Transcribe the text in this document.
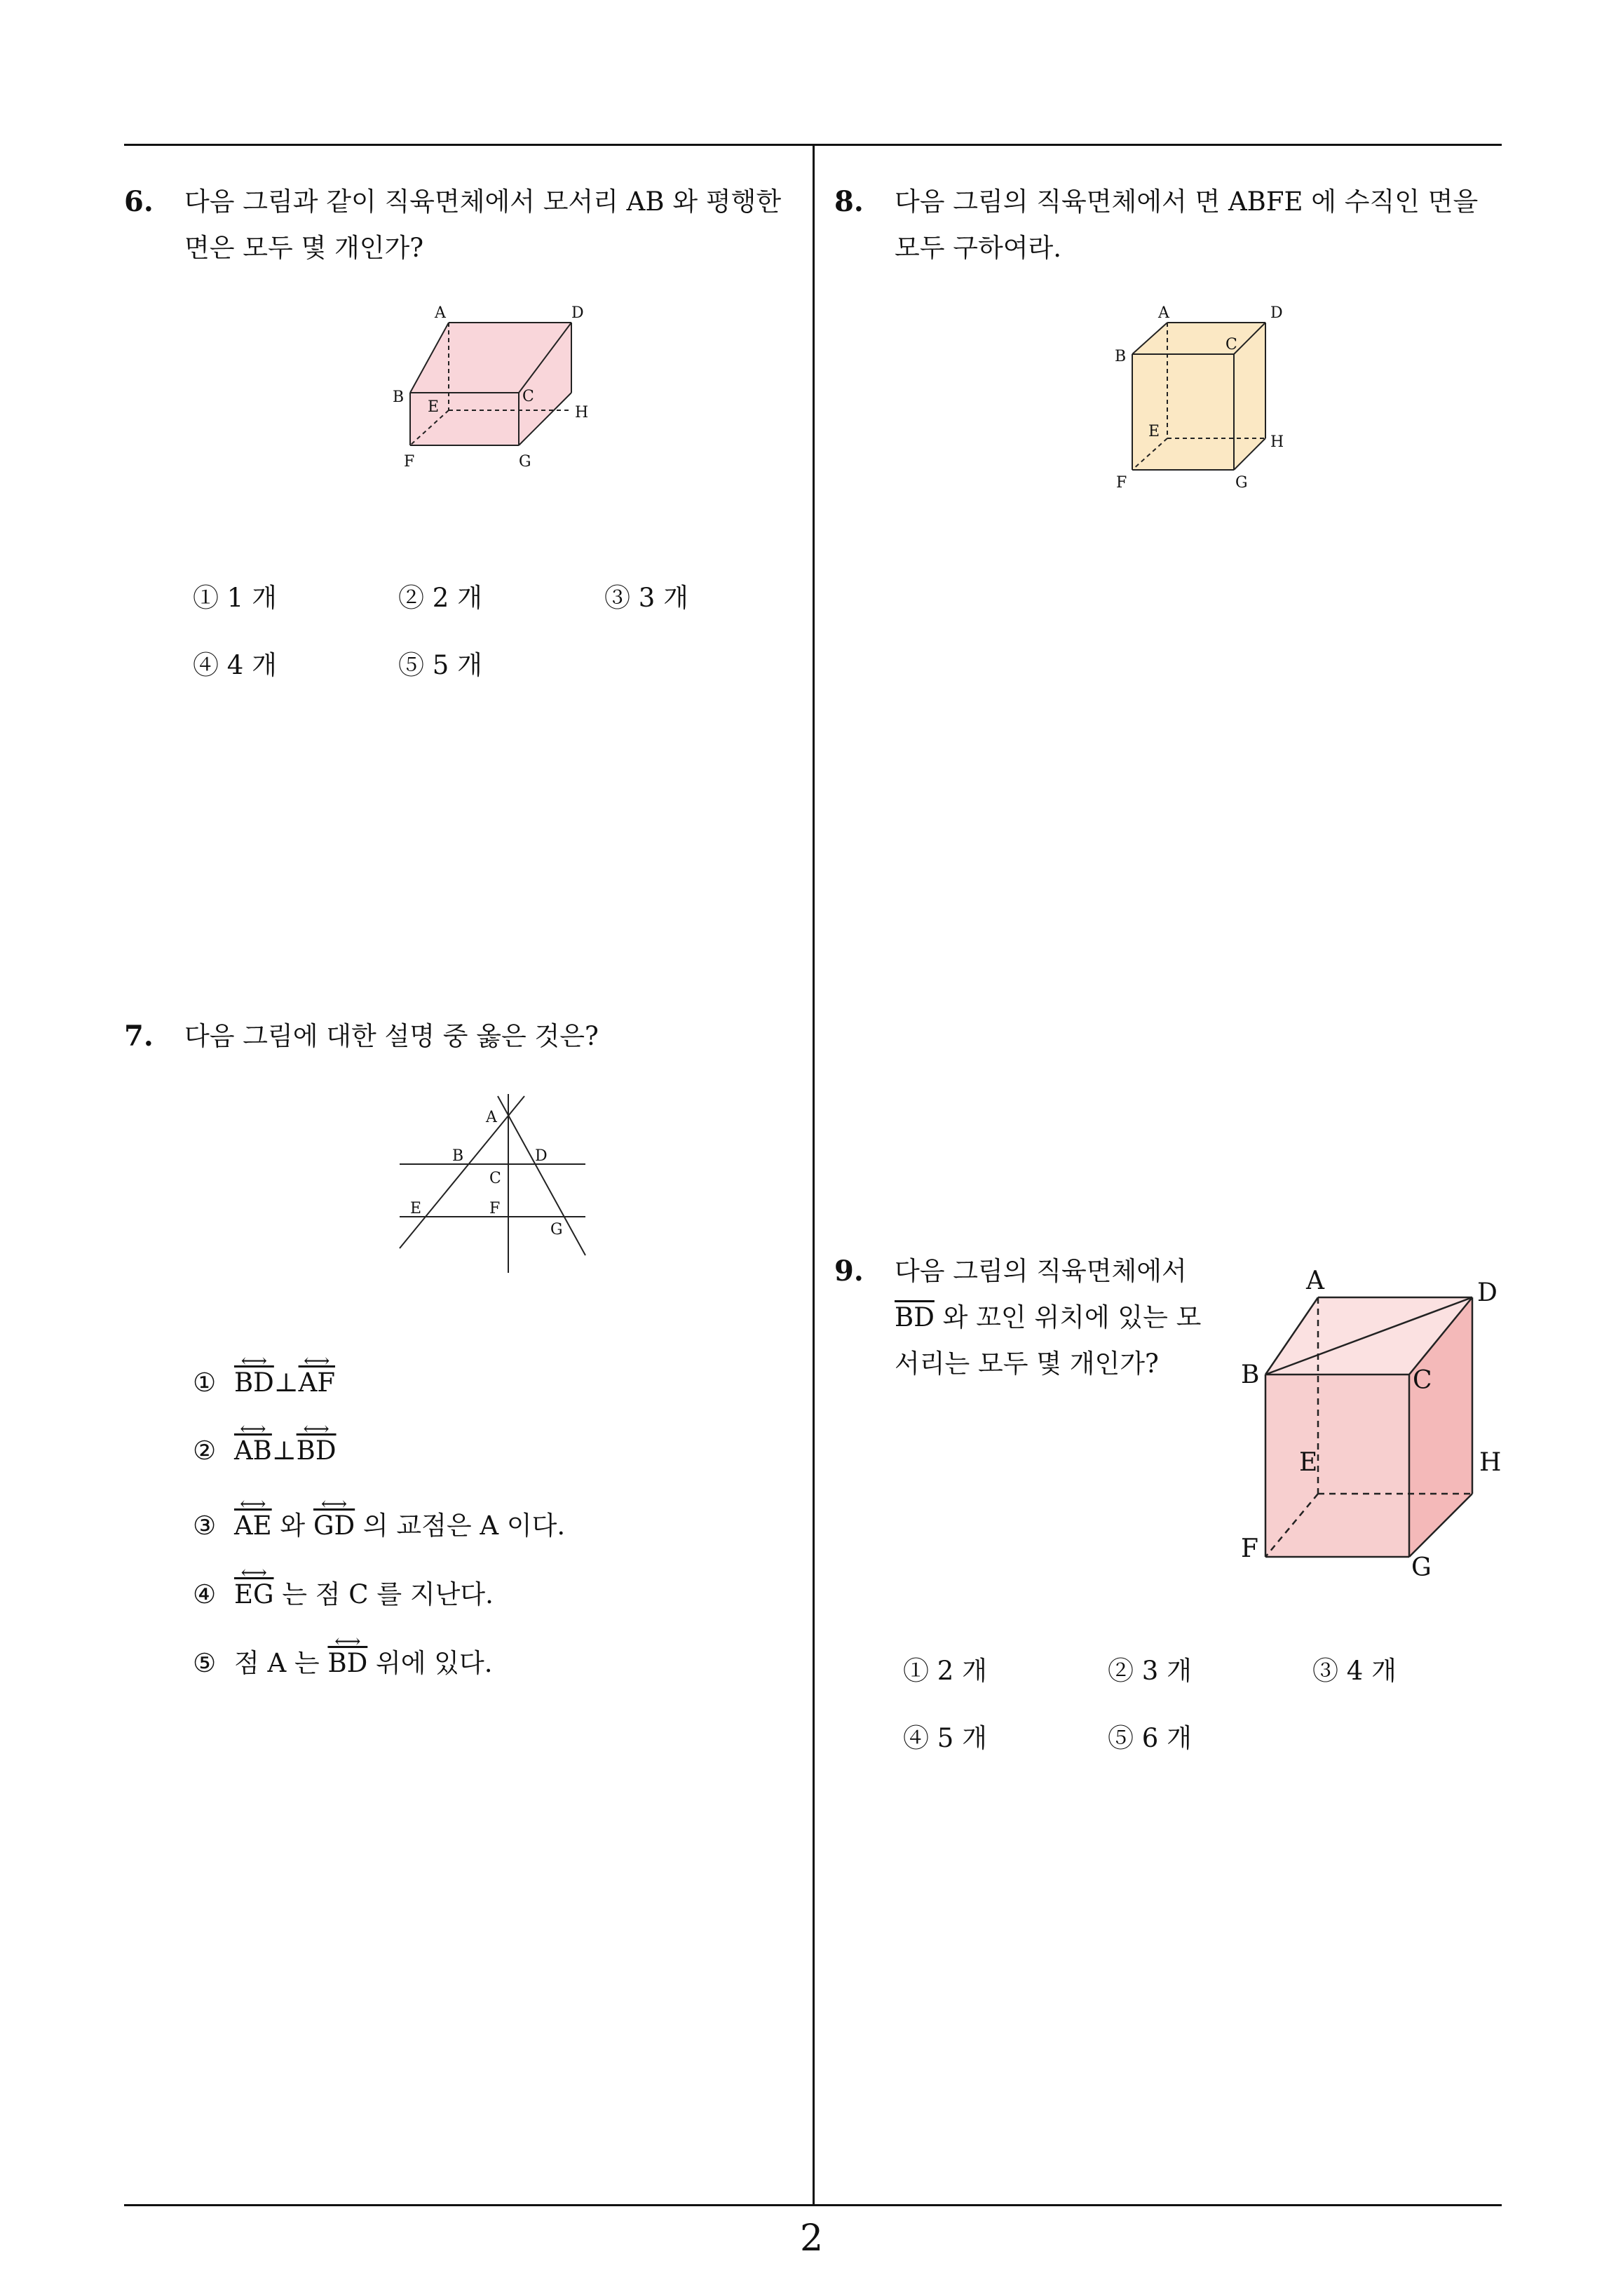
6. 다음 그림과 같이 직육면체에서 모서리 AB 와 평행한
면은 모두 몇 개인가?
A	D
B
E
C
H
F	G
① 1 개	② 2 개	③ 3 개
④ 4 개	⑤ 5 개
7. 다음 그림에 대한 설명 중 옳은 것은?
A
B	D
C
E	F
G
① ⟷ $\overline{BD}\perp⟷$ $\overline{AF}$
② ⟷ $\overline{AB}\perp⟷$ $\overline{BD}$
③ ⟷ $\overline{AE}$ 와 ⟷ $\overline{GD}$ 의 교점은 A 이다.
④ ⟷ $\overline{EG}$ 는 점 C 를 지난다.
⑤ 점 A 는 ⟷ $\overline{BD}$ 위에 있다.
8. 다음 그림의 직육면체에서 면 ABFE 에 수직인 면을
모두 구하여라.
A	D
B
C
E
H
F	G
9. 다음 그림의 직육면체에서
$\overline{BD}$ 와 꼬인 위치에 있는 모
서리는 모두 몇 개인가?
A	D
B	C
E	H
F
G
① 2 개	② 3 개	③ 4 개
④ 5 개	⑤ 6 개
2
